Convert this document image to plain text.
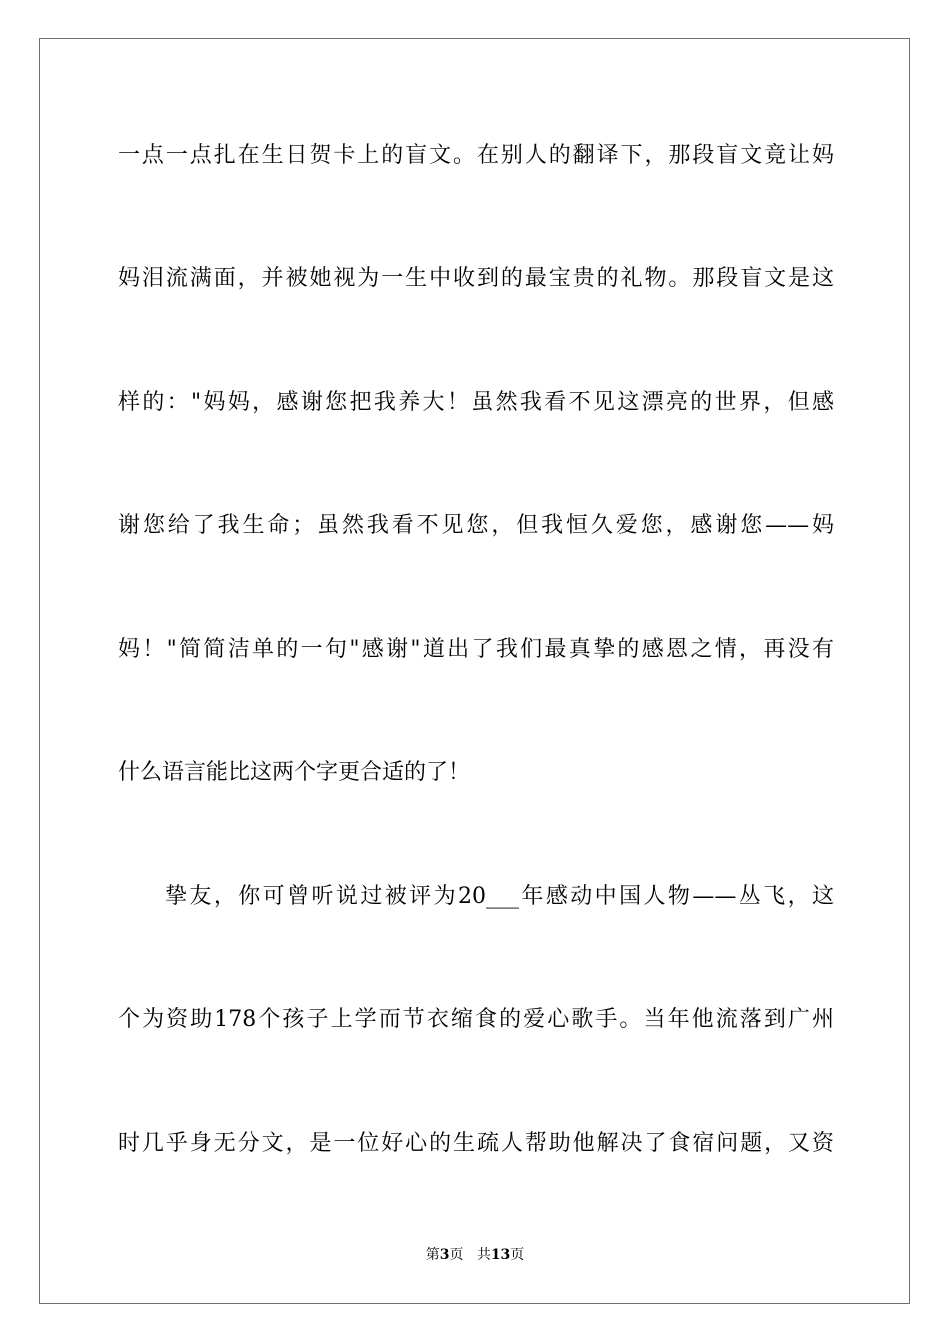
一点一点扎在生日贺卡上的盲文。在别人的翻译下，那段盲文竟让妈
妈泪流满面，并被她视为一生中收到的最宝贵的礼物。那段盲文是这
样的："妈妈，感谢您把我养大！虽然我看不见这漂亮的世界，但感
谢您给了我生命；虽然我看不见您，但我恒久爱您，感谢您——妈
妈！"简简洁单的一句"感谢"道出了我们最真挚的感恩之情，再没有
什么语言能比这两个字更合适的了！
挚友，你可曾听说过被评为20___年感动中国人物——丛飞，这
个为资助178个孩子上学而节衣缩食的爱心歌手。当年他流落到广州
时几乎身无分文，是一位好心的生疏人帮助他解决了食宿问题，又资
第3页 共13页
